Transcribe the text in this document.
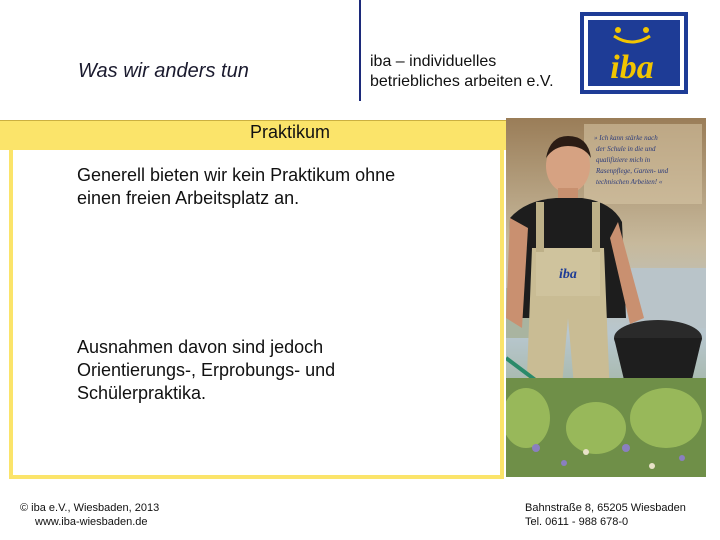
Was wir anders tun	iba – individuelles
betriebliches arbeiten e.V. iba
Praktikum
Generell bieten wir kein Praktikum ohne
einen freien Arbeitsplatz an.
Ausnahmen davon sind jedoch
Orientierungs-, Erprobungs- und
Schülerpraktika.
» Ich kann stärke nach
der Schule in die und
qualifiziere mich in
Rasenpflege, Garten- und
technischen Arbeiten! «
iba
© iba e.V., Wiesbaden, 2013
www.iba-wiesbaden.de
Bahnstraße 8, 65205 Wiesbaden
Tel. 0611 - 988 678-0
